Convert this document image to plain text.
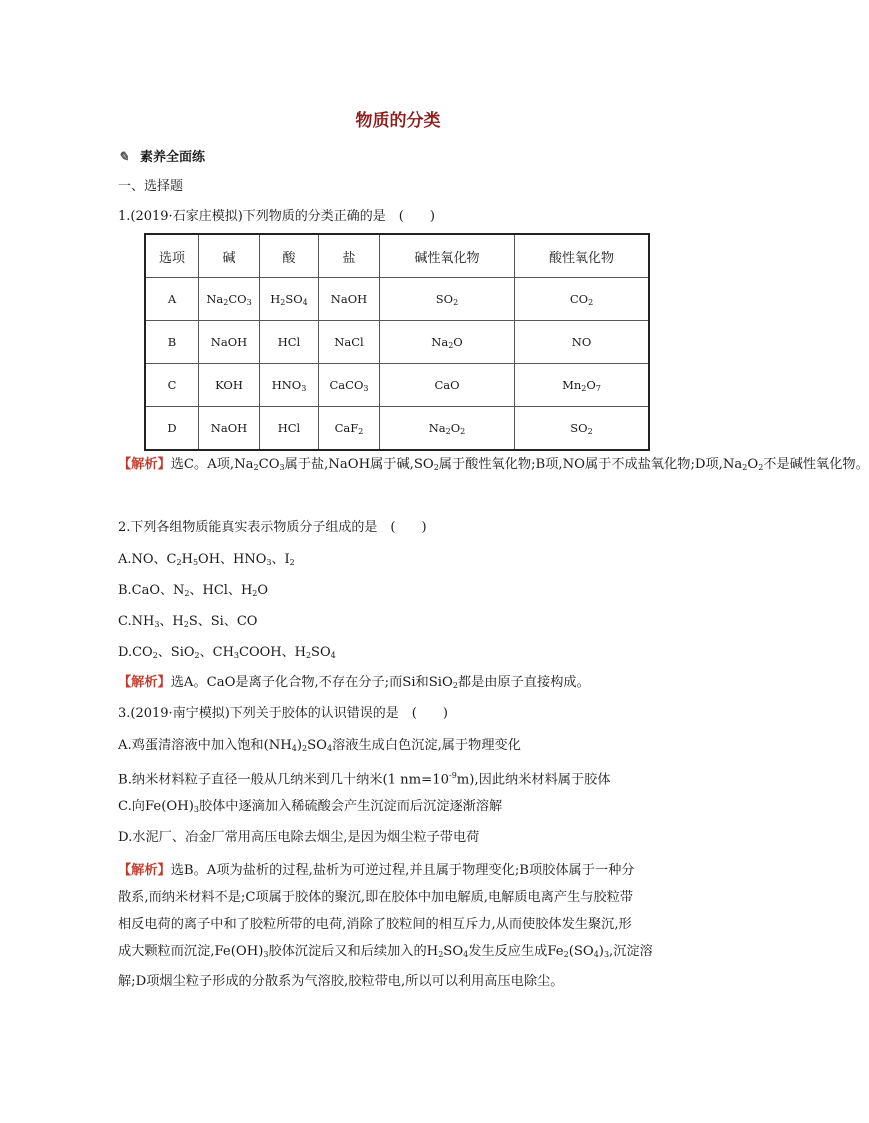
物质的分类
✎ 素养全面练
一、选择题
1.(2019·石家庄模拟)下列物质的分类正确的是　(　　)
选项	碱	酸	盐	碱性氧化物	酸性氧化物
A	$Na_2CO_3$	$H_2SO_4$	NaOH	$SO_2$	$CO_2$
B	NaOH	HCl	NaCl	$Na_2O$	NO
C	KOH	$HNO_3$	CaCO$_3$	CaO	$Mn_2O_7$
D	NaOH	HCl	CaF$_2$	$Na_2O_2$	$SO_2$
【解析】选C。A项$,Na_2CO_3$属于盐,NaOH属于碱$,SO_2$属于酸性氧化物;B项,NO属于不成盐氧化物;D项$,Na_2O_2$不是碱性氧化物。
2.下列各组物质能真实表示物质分子组成的是　(　　)
A.NO、$C_2H_5OH$、$HNO_3$、$I_2$
B.CaO、$N_2$、HCl、$H_2O$
$C.NH_3$、$H_2S$、Si、CO
$D.CO_2$、SiO$_2$、$CH_3COOH$、$H_2SO_4$
【解析】选A。CaO是离子化合物,不存在分子;而Si和SiO$_2$都是由原子直接构成。
3.(2019·南宁模拟)下列关于胶体的认识错误的是　(　　)
A.鸡蛋清溶液中加入饱和$(NH_4)_2SO_4$溶液生成白色沉淀,属于物理变化
B.纳米材料粒子直径一般从几纳米到几十纳米(1 $nm=10^{-9}m$),因此纳米材料属于胶体
C.向$Fe(OH)_3$胶体中逐滴加入稀硫酸会产生沉淀而后沉淀逐渐溶解
D.水泥厂、冶金厂常用高压电除去烟尘,是因为烟尘粒子带电荷
【解析】选B。A项为盐析的过程,盐析为可逆过程,并且属于物理变化;B项胶体属于一种分
散系,而纳米材料不是;C项属于胶体的聚沉,即在胶体中加电解质,电解质电离产生与胶粒带
相反电荷的离子中和了胶粒所带的电荷,消除了胶粒间的相互斥力,从而使胶体发生聚沉,形
成大颗粒而沉淀$,Fe(OH)_3$胶体沉淀后又和后续加入的$H_2SO_4$发生反应生成$Fe_2(SO_4)_3$,沉淀溶
解;D项烟尘粒子形成的分散系为气溶胶,胶粒带电,所以可以利用高压电除尘。
